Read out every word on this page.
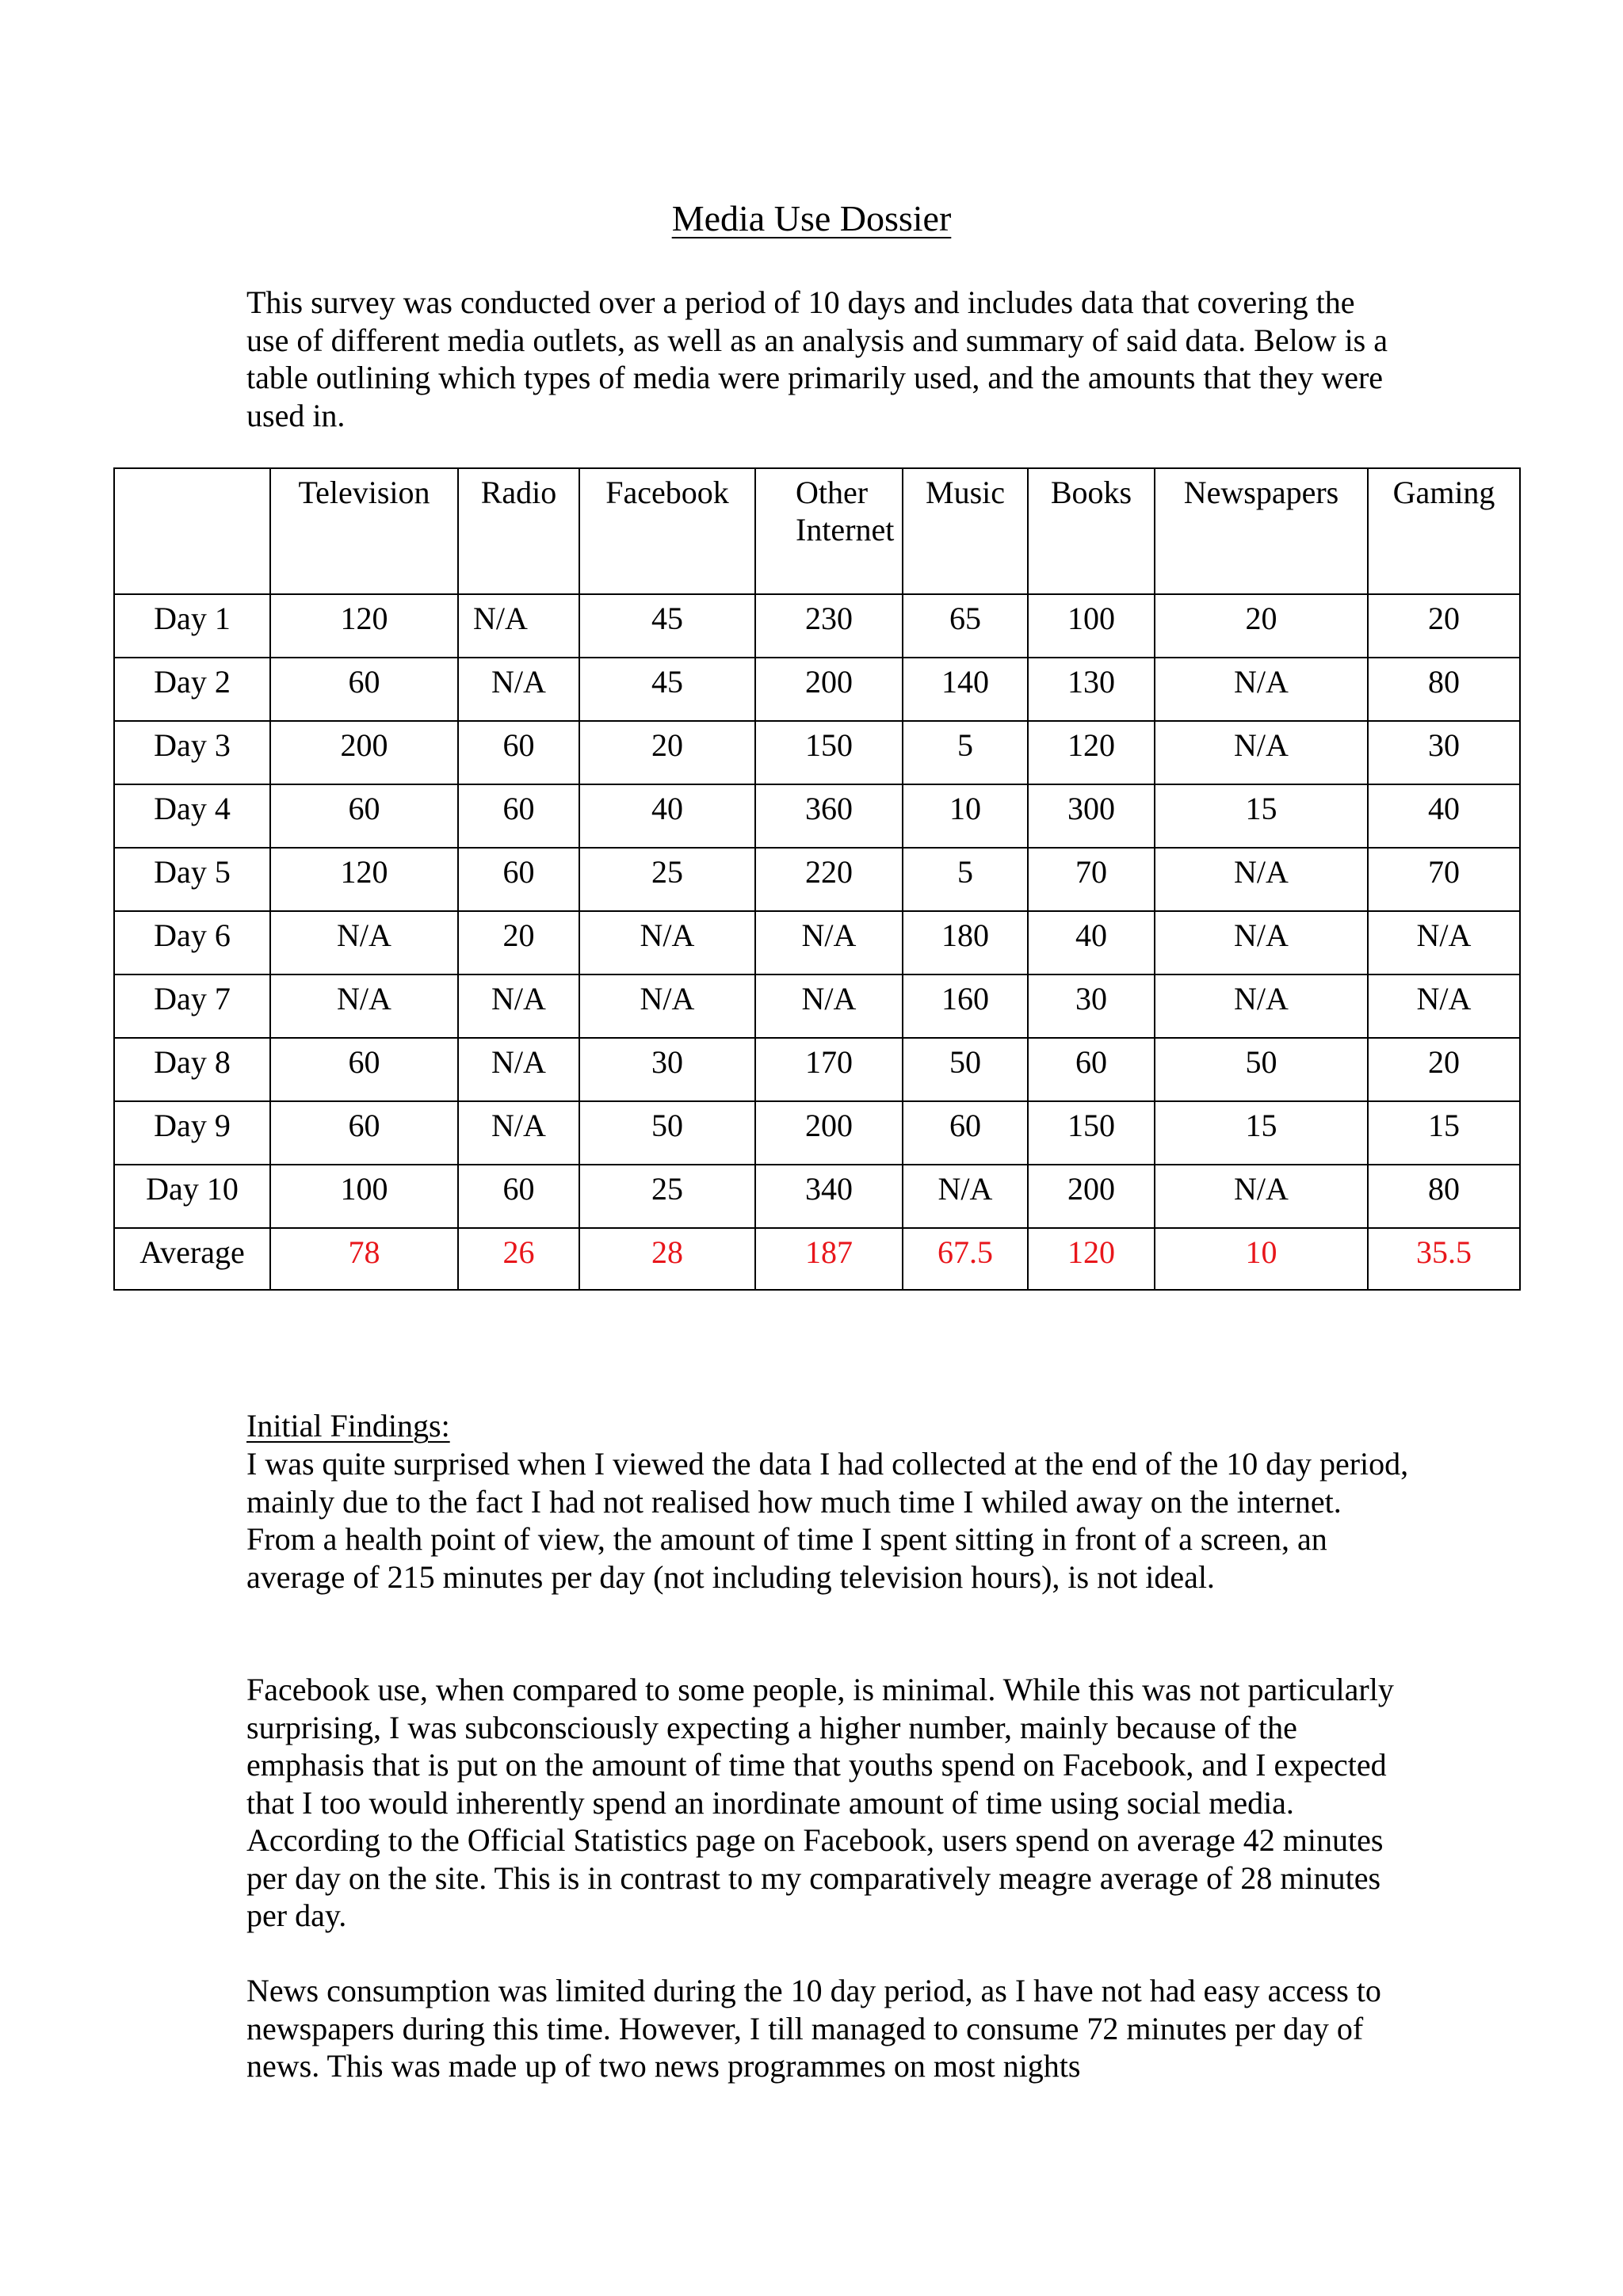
Media Use Dossier

This survey was conducted over a period of 10 days and includes data that covering the use of different media outlets, as well as an analysis and summary of said data. Below is a table outlining which types of media were primarily used, and the amounts that they were used in.

	Television	Radio	Facebook	Other Internet	Music	Books	Newspapers	Gaming
Day 1	120	N/A	45	230	65	100	20	20
Day 2	60	N/A	45	200	140	130	N/A	80
Day 3	200	60	20	150	5	120	N/A	30
Day 4	60	60	40	360	10	300	15	40
Day 5	120	60	25	220	5	70	N/A	70
Day 6	N/A	20	N/A	N/A	180	40	N/A	N/A
Day 7	N/A	N/A	N/A	N/A	160	30	N/A	N/A
Day 8	60	N/A	30	170	50	60	50	20
Day 9	60	N/A	50	200	60	150	15	15
Day 10	100	60	25	340	N/A	200	N/A	80
Average	78	26	28	187	67.5	120	10	35.5

Initial Findings:

I was quite surprised when I viewed the data I had collected at the end of the 10 day period, mainly due to the fact I had not realised how much time I whiled away on the internet. From a health point of view, the amount of time I spent sitting in front of a screen, an average of 215 minutes per day (not including television hours), is not ideal.

Facebook use, when compared to some people, is minimal. While this was not particularly surprising, I was subconsciously expecting a higher number, mainly because of the emphasis that is put on the amount of time that youths spend on Facebook, and I expected that I too would inherently spend an inordinate amount of time using social media. According to the Official Statistics page on Facebook, users spend on average 42 minutes per day on the site. This is in contrast to my comparatively meagre average of 28 minutes per day.

News consumption was limited during the 10 day period, as I have not had easy access to newspapers during this time. However, I till managed to consume 72 minutes per day of news. This was made up of two news programmes on most nights
